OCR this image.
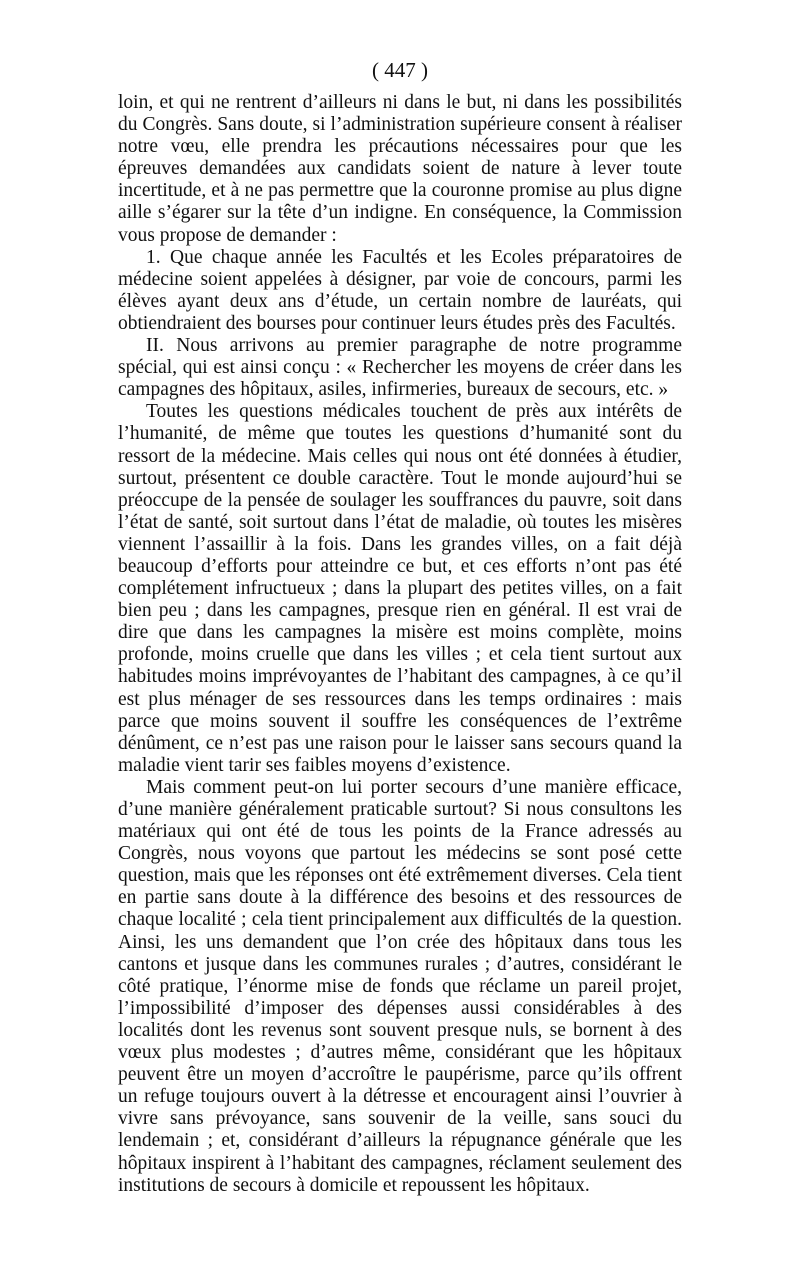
( 447 )

loin, et qui ne rentrent d’ailleurs ni dans le but, ni dans les possibilités du Congrès. Sans doute, si l’administration supérieure consent à réaliser notre vœu, elle prendra les précautions nécessaires pour que les épreuves demandées aux candidats soient de nature à lever toute incertitude, et à ne pas permettre que la couronne promise au plus digne aille s’égarer sur la tête d’un indigne. En conséquence, la Commission vous propose de demander :

1. Que chaque année les Facultés et les Ecoles préparatoires de médecine soient appelées à désigner, par voie de concours, parmi les élèves ayant deux ans d’étude, un certain nombre de lauréats, qui obtiendraient des bourses pour continuer leurs études près des Facultés.

II. Nous arrivons au premier paragraphe de notre programme spécial, qui est ainsi conçu : « Rechercher les moyens de créer dans les campagnes des hôpitaux, asiles, infirmeries, bureaux de secours, etc. »

Toutes les questions médicales touchent de près aux intérêts de l’humanité, de même que toutes les questions d’humanité sont du ressort de la médecine. Mais celles qui nous ont été données à étudier, surtout, présentent ce double caractère. Tout le monde aujourd’hui se préoccupe de la pensée de soulager les souffrances du pauvre, soit dans l’état de santé, soit surtout dans l’état de maladie, où toutes les misères viennent l’assaillir à la fois. Dans les grandes villes, on a fait déjà beaucoup d’efforts pour atteindre ce but, et ces efforts n’ont pas été complétement infructueux ; dans la plupart des petites villes, on a fait bien peu ; dans les campagnes, presque rien en général. Il est vrai de dire que dans les campagnes la misère est moins complète, moins profonde, moins cruelle que dans les villes ; et cela tient surtout aux habitudes moins imprévoyantes de l’habitant des campagnes, à ce qu’il est plus ménager de ses ressources dans les temps ordinaires : mais parce que moins souvent il souffre les conséquences de l’extrême dénûment, ce n’est pas une raison pour le laisser sans secours quand la maladie vient tarir ses faibles moyens d’existence.

Mais comment peut-on lui porter secours d’une manière efficace, d’une manière généralement praticable surtout? Si nous consultons les matériaux qui ont été de tous les points de la France adressés au Congrès, nous voyons que partout les médecins se sont posé cette question, mais que les réponses ont été extrêmement diverses. Cela tient en partie sans doute à la différence des besoins et des ressources de chaque localité ; cela tient principalement aux difficultés de la question. Ainsi, les uns demandent que l’on crée des hôpitaux dans tous les cantons et jusque dans les communes rurales ; d’autres, considérant le côté pratique, l’énorme mise de fonds que réclame un pareil projet, l’impossibilité d’imposer des dépenses aussi considérables à des localités dont les revenus sont souvent presque nuls, se bornent à des vœux plus modestes ; d’autres même, considérant que les hôpitaux peuvent être un moyen d’accroître le paupérisme, parce qu’ils offrent un refuge toujours ouvert à la détresse et encouragent ainsi l’ouvrier à vivre sans prévoyance, sans souvenir de la veille, sans souci du lendemain ; et, considérant d’ailleurs la répugnance générale que les hôpitaux inspirent à l’habitant des campagnes, réclament seulement des institutions de secours à domicile et repoussent les hôpitaux.
